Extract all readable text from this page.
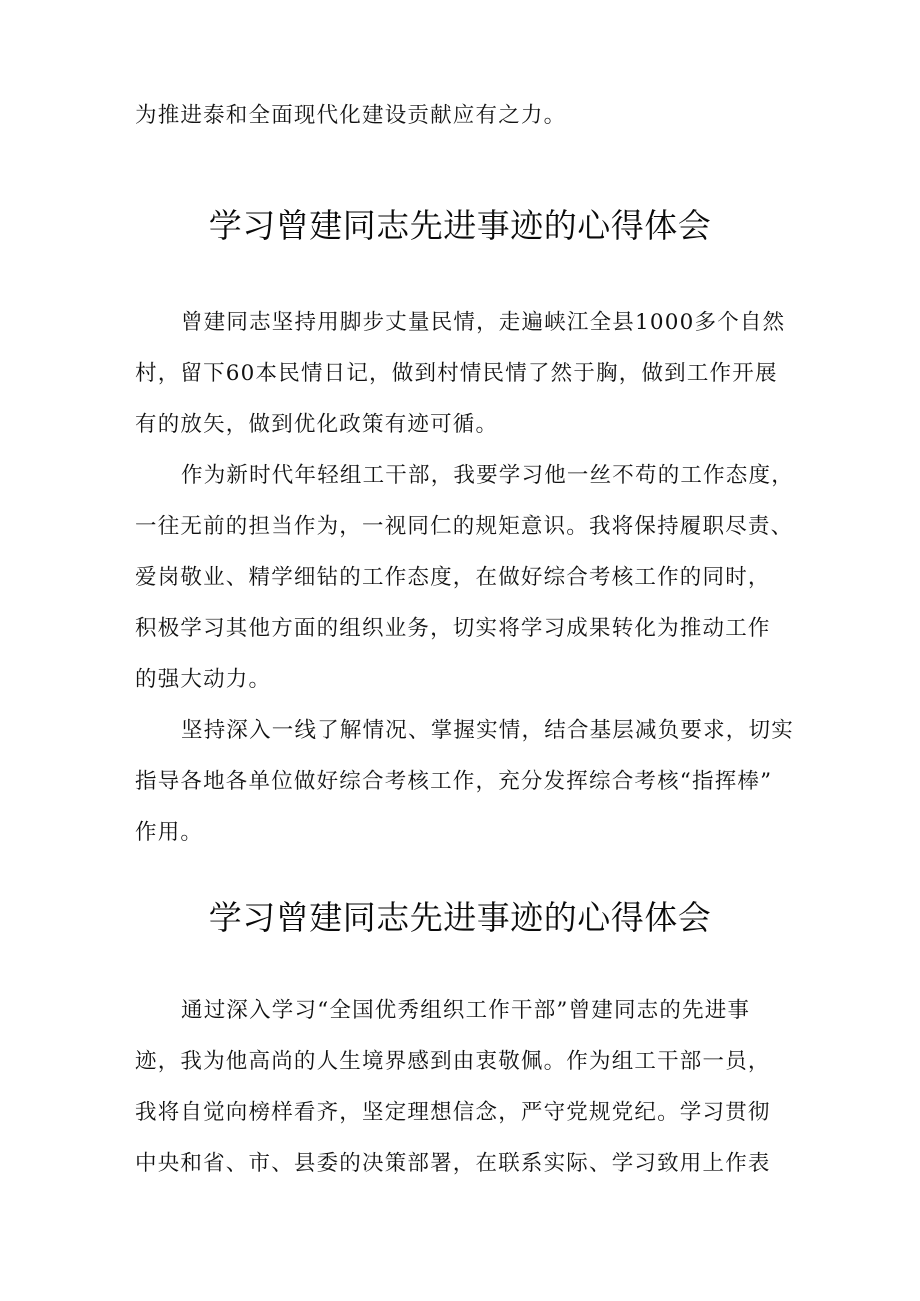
为推进泰和全面现代化建设贡献应有之力。
学习曾建同志先进事迹的心得体会
曾建同志坚持用脚步丈量民情，走遍峡江全县1000多个自然
村，留下60本民情日记，做到村情民情了然于胸，做到工作开展
有的放矢，做到优化政策有迹可循。
作为新时代年轻组工干部，我要学习他一丝不苟的工作态度，
一往无前的担当作为，一视同仁的规矩意识。我将保持履职尽责、
爱岗敬业、精学细钻的工作态度，在做好综合考核工作的同时，
积极学习其他方面的组织业务，切实将学习成果转化为推动工作
的强大动力。
坚持深入一线了解情况、掌握实情，结合基层减负要求，切实
指导各地各单位做好综合考核工作，充分发挥综合考核“指挥棒”
作用。
学习曾建同志先进事迹的心得体会
通过深入学习“全国优秀组织工作干部”曾建同志的先进事
迹，我为他高尚的人生境界感到由衷敬佩。作为组工干部一员，
我将自觉向榜样看齐，坚定理想信念，严守党规党纪。学习贯彻
中央和省、市、县委的决策部署，在联系实际、学习致用上作表
